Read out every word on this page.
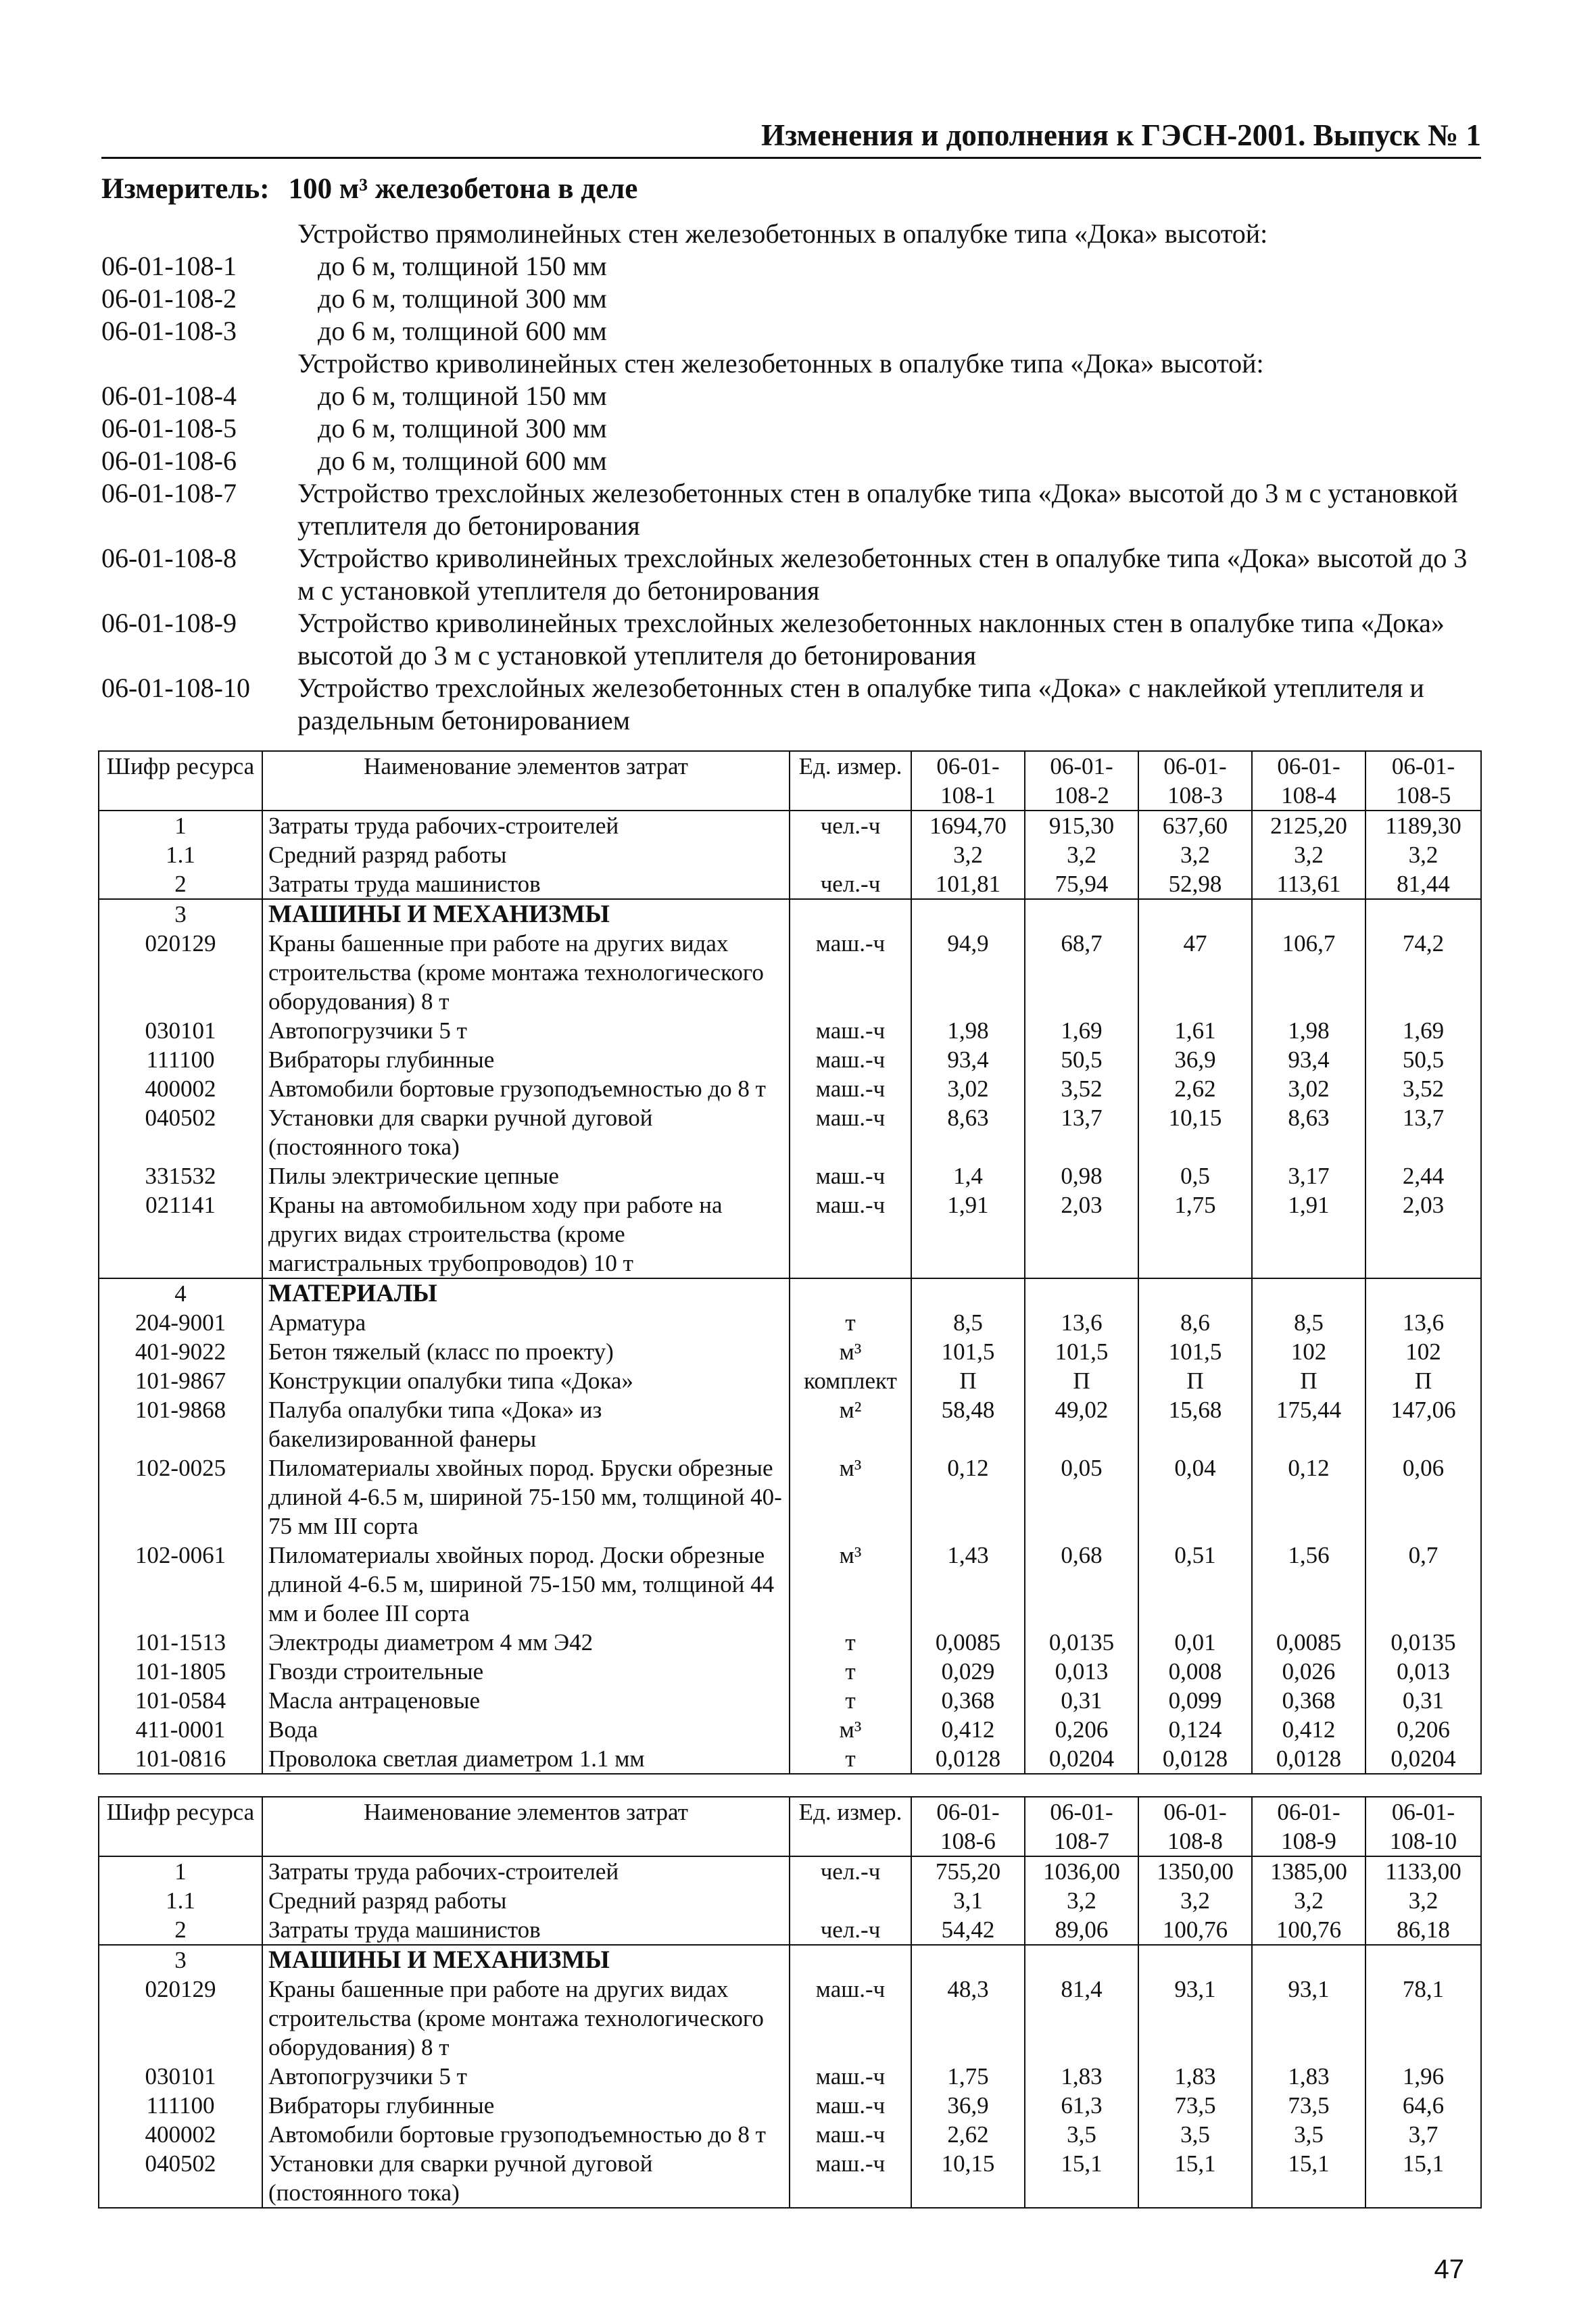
Изменения и дополнения к ГЭСН-2001. Выпуск № 1
Измеритель: 100 м³ железобетона в деле
Устройство прямолинейных стен железобетонных в опалубке типа «Дока» высотой:
06-01-108-1	до 6 м, толщиной 150 мм
06-01-108-2	до 6 м, толщиной 300 мм
06-01-108-3	до 6 м, толщиной 600 мм
Устройство криволинейных стен железобетонных в опалубке типа «Дока» высотой:
06-01-108-4	до 6 м, толщиной 150 мм
06-01-108-5	до 6 м, толщиной 300 мм
06-01-108-6	до 6 м, толщиной 600 мм
06-01-108-7	Устройство трехслойных железобетонных стен в опалубке типа «Дока» высотой до 3 м с установкой утеплителя до бетонирования
06-01-108-8	Устройство криволинейных трехслойных железобетонных стен в опалубке типа «Дока» высотой до 3 м с установкой утеплителя до бетонирования
06-01-108-9	Устройство криволинейных трехслойных железобетонных наклонных стен в опалубке типа «Дока» высотой до 3 м с установкой утеплителя до бетонирования
06-01-108-10	Устройство трехслойных железобетонных стен в опалубке типа «Дока» с наклейкой утеплителя и раздельным бетонированием
Шифр ресурса	Наименование элементов затрат	Ед. измер.	06-01-108-1	06-01-108-2	06-01-108-3	06-01-108-4	06-01-108-5
1	Затраты труда рабочих-строителей	чел.-ч	1694,70	915,30	637,60	2125,20	1189,30
1.1	Средний разряд работы		3,2	3,2	3,2	3,2	3,2
2	Затраты труда машинистов	чел.-ч	101,81	75,94	52,98	113,61	81,44
3	МАШИНЫ И МЕХАНИЗМЫ						
020129	Краны башенные при работе на других видах строительства (кроме монтажа технологического оборудования) 8 т	маш.-ч	94,9	68,7	47	106,7	74,2
030101	Автопогрузчики 5 т	маш.-ч	1,98	1,69	1,61	1,98	1,69
111100	Вибраторы глубинные	маш.-ч	93,4	50,5	36,9	93,4	50,5
400002	Автомобили бортовые грузоподъемностью до 8 т	маш.-ч	3,02	3,52	2,62	3,02	3,52
040502	Установки для сварки ручной дуговой (постоянного тока)	маш.-ч	8,63	13,7	10,15	8,63	13,7
331532	Пилы электрические цепные	маш.-ч	1,4	0,98	0,5	3,17	2,44
021141	Краны на автомобильном ходу при работе на других видах строительства (кроме магистральных трубопроводов) 10 т	маш.-ч	1,91	2,03	1,75	1,91	2,03
4	МАТЕРИАЛЫ						
204-9001	Арматура	т	8,5	13,6	8,6	8,5	13,6
401-9022	Бетон тяжелый (класс по проекту)	м³	101,5	101,5	101,5	102	102
101-9867	Конструкции опалубки типа «Дока»	комплект	П	П	П	П	П
101-9868	Палуба опалубки типа «Дока» из бакелизированной фанеры	м²	58,48	49,02	15,68	175,44	147,06
102-0025	Пиломатериалы хвойных пород. Бруски обрезные длиной 4-6.5 м, шириной 75-150 мм, толщиной 40-75 мм III сорта	м³	0,12	0,05	0,04	0,12	0,06
102-0061	Пиломатериалы хвойных пород. Доски обрезные длиной 4-6.5 м, шириной 75-150 мм, толщиной 44 мм и более III сорта	м³	1,43	0,68	0,51	1,56	0,7
101-1513	Электроды диаметром 4 мм Э42	т	0,0085	0,0135	0,01	0,0085	0,0135
101-1805	Гвозди строительные	т	0,029	0,013	0,008	0,026	0,013
101-0584	Масла антраценовые	т	0,368	0,31	0,099	0,368	0,31
411-0001	Вода	м³	0,412	0,206	0,124	0,412	0,206
101-0816	Проволока светлая диаметром 1.1 мм	т	0,0128	0,0204	0,0128	0,0128	0,0204
Шифр ресурса	Наименование элементов затрат	Ед. измер.	06-01-108-6	06-01-108-7	06-01-108-8	06-01-108-9	06-01-108-10
1	Затраты труда рабочих-строителей	чел.-ч	755,20	1036,00	1350,00	1385,00	1133,00
1.1	Средний разряд работы		3,1	3,2	3,2	3,2	3,2
2	Затраты труда машинистов	чел.-ч	54,42	89,06	100,76	100,76	86,18
3	МАШИНЫ И МЕХАНИЗМЫ						
020129	Краны башенные при работе на других видах строительства (кроме монтажа технологического оборудования) 8 т	маш.-ч	48,3	81,4	93,1	93,1	78,1
030101	Автопогрузчики 5 т	маш.-ч	1,75	1,83	1,83	1,83	1,96
111100	Вибраторы глубинные	маш.-ч	36,9	61,3	73,5	73,5	64,6
400002	Автомобили бортовые грузоподъемностью до 8 т	маш.-ч	2,62	3,5	3,5	3,5	3,7
040502	Установки для сварки ручной дуговой (постоянного тока)	маш.-ч	10,15	15,1	15,1	15,1	15,1
47
